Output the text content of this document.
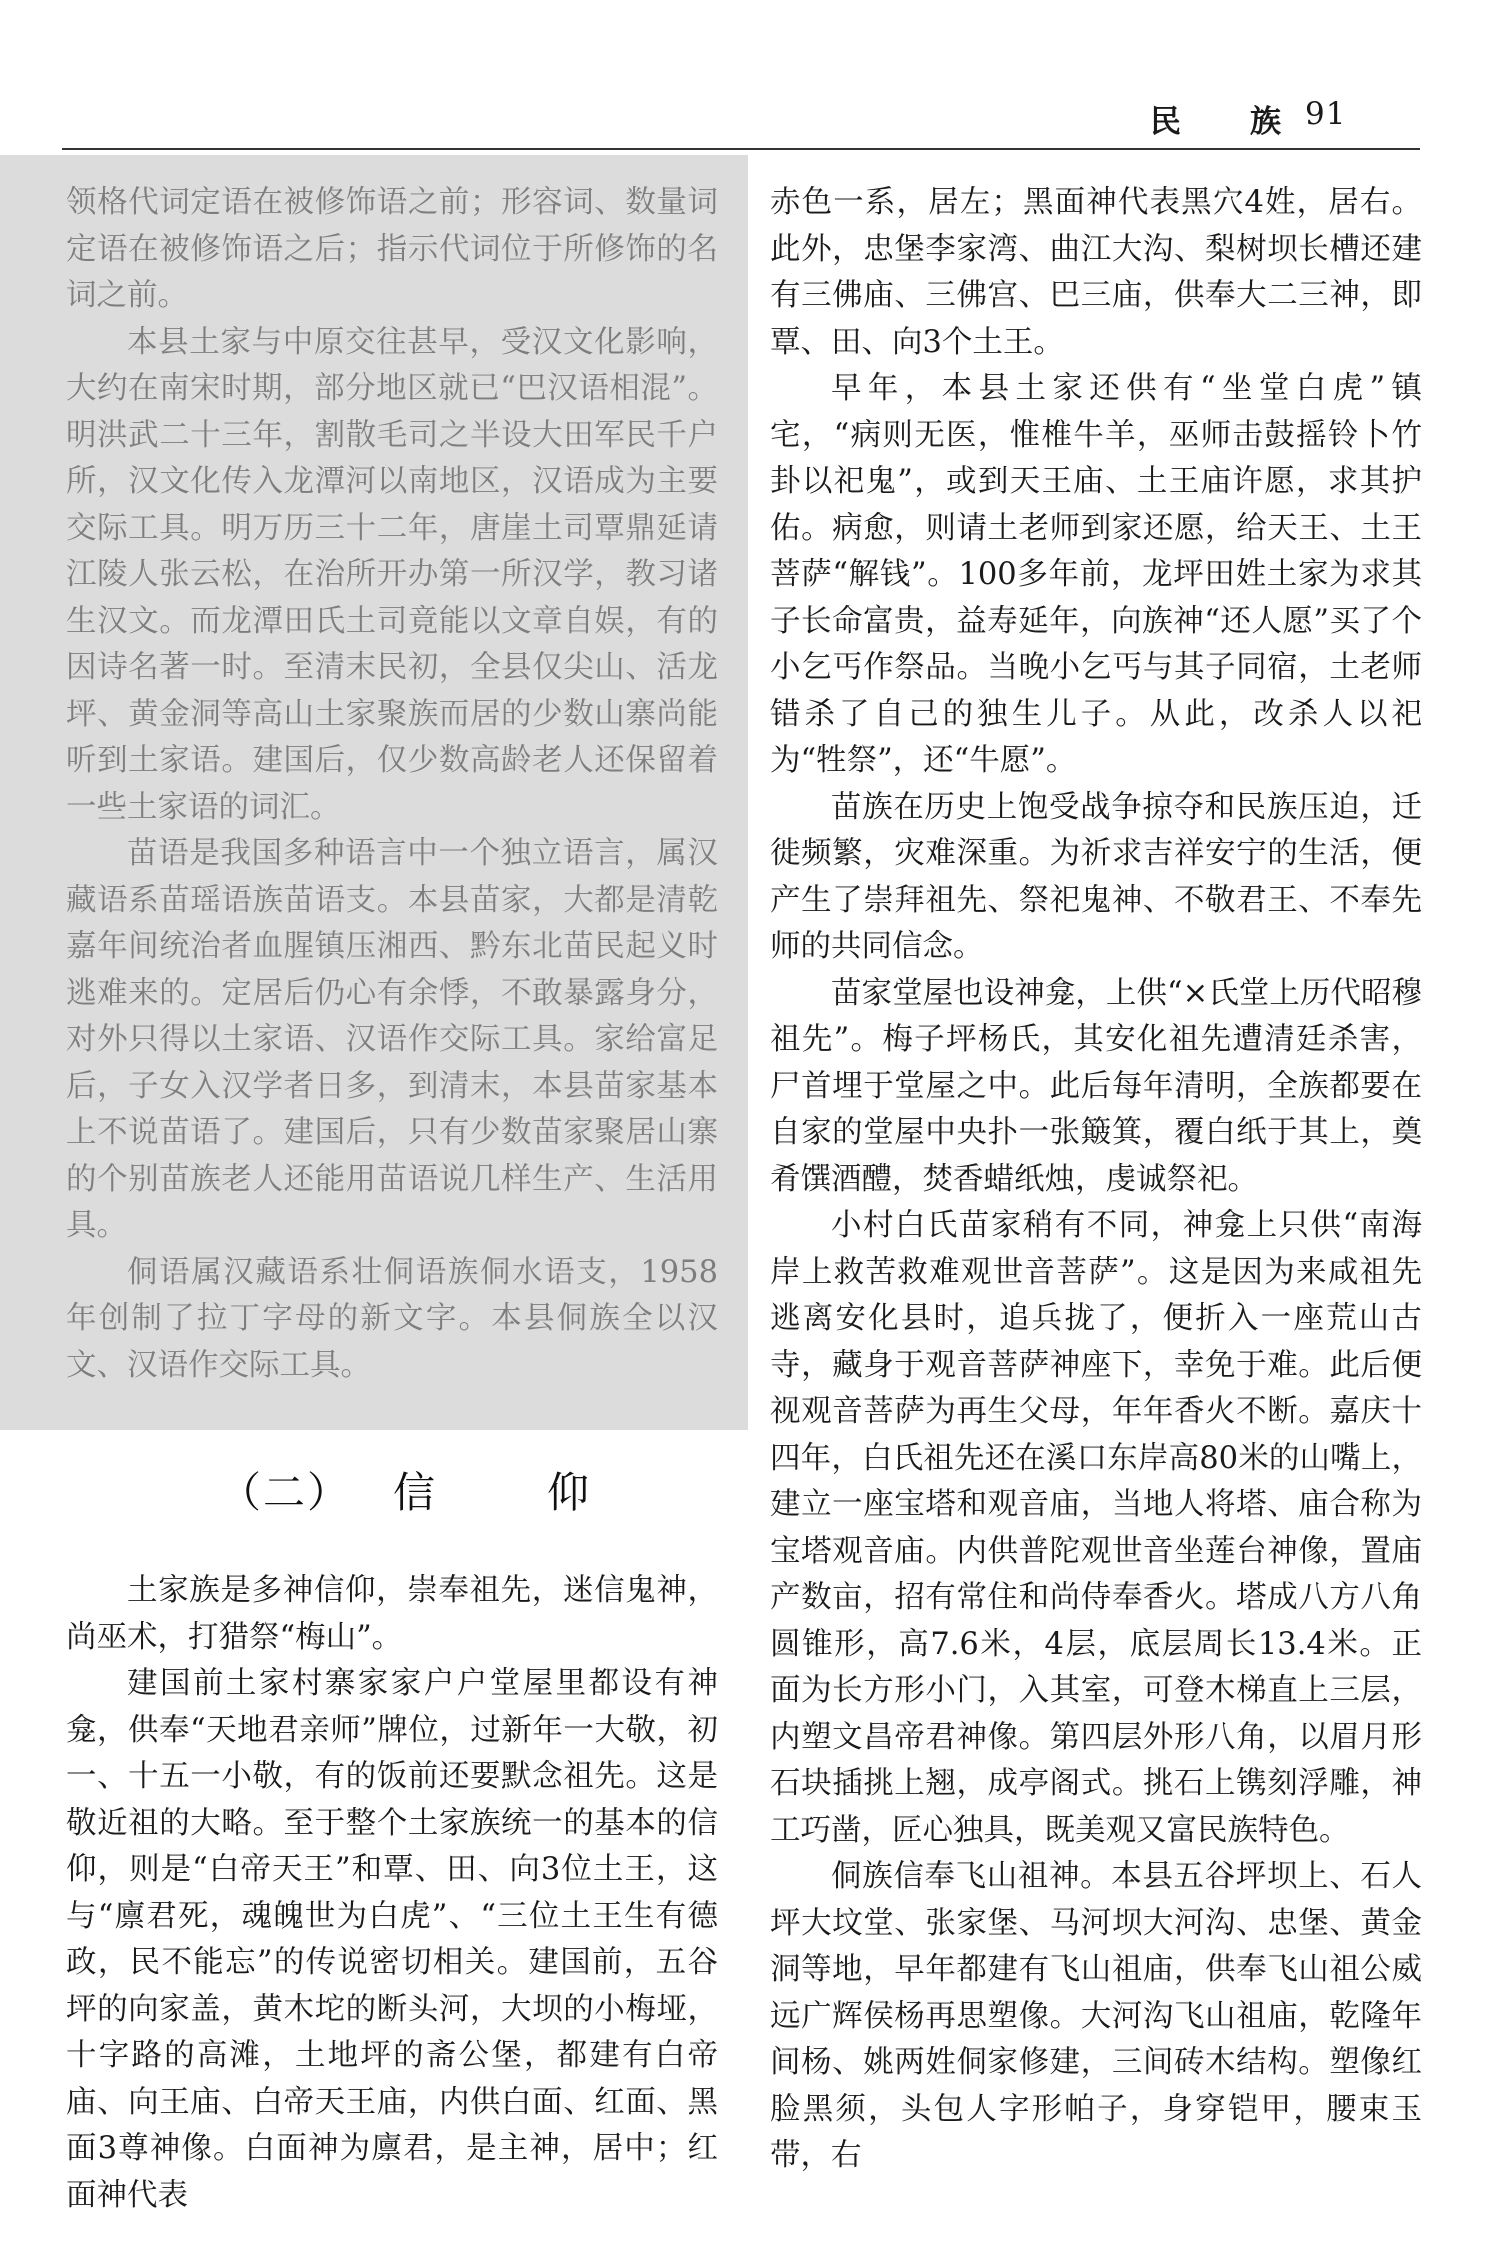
民 族 91

领格代词定语在被修饰语之前；形容词、数量词定语在被修饰语之后；指示代词位于所修饰的名词之前。

本县土家与中原交往甚早，受汉文化影响，大约在南宋时期，部分地区就已“巴汉语相混”。明洪武二十三年，割散毛司之半设大田军民千户所，汉文化传入龙潭河以南地区，汉语成为主要交际工具。明万历三十二年，唐崖土司覃鼎延请江陵人张云松，在治所开办第一所汉学，教习诸生汉文。而龙潭田氏土司竟能以文章自娱，有的因诗名著一时。至清末民初，全县仅尖山、活龙坪、黄金洞等高山土家聚族而居的少数山寨尚能听到土家语。建国后，仅少数高龄老人还保留着一些土家语的词汇。

苗语是我国多种语言中一个独立语言，属汉藏语系苗瑶语族苗语支。本县苗家，大都是清乾嘉年间统治者血腥镇压湘西、黔东北苗民起义时逃难来的。定居后仍心有余悸，不敢暴露身分，对外只得以土家语、汉语作交际工具。家给富足后，子女入汉学者日多，到清末，本县苗家基本上不说苗语了。建国后，只有少数苗家聚居山寨的个别苗族老人还能用苗语说几样生产、生活用具。

侗语属汉藏语系壮侗语族侗水语支，1958年创制了拉丁字母的新文字。本县侗族全以汉文、汉语作交际工具。

（二） 信	仰

土家族是多神信仰，崇奉祖先，迷信鬼神，尚巫术，打猎祭“梅山”。

建国前土家村寨家家户户堂屋里都设有神龛，供奉“天地君亲师”牌位，过新年一大敬，初一、十五一小敬，有的饭前还要默念祖先。这是敬近祖的大略。至于整个土家族统一的基本的信仰，则是“白帝天王”和覃、田、向3位土王，这与“廪君死，魂魄世为白虎”、“三位土王生有德政，民不能忘”的传说密切相关。建国前，五谷坪的向家盖，黄木坨的断头河，大坝的小梅垭，十字路的高滩，土地坪的斋公堡，都建有白帝庙、向王庙、白帝天王庙，内供白面、红面、黑面3尊神像。白面神为廪君，是主神，居中；红面神代表

赤色一系，居左；黑面神代表黑穴4姓，居右。此外，忠堡李家湾、曲江大沟、梨树坝长槽还建有三佛庙、三佛宫、巴三庙，供奉大二三神，即覃、田、向3个土王。

早年，本县土家还供有“坐堂白虎”镇宅，“病则无医，惟椎牛羊，巫师击鼓摇铃卜竹卦以祀鬼”，或到天王庙、土王庙许愿，求其护佑。病愈，则请土老师到家还愿，给天王、土王菩萨“解钱”。100多年前，龙坪田姓土家为求其子长命富贵，益寿延年，向族神“还人愿”买了个小乞丐作祭品。当晚小乞丐与其子同宿，土老师错杀了自己的独生儿子。从此，改杀人以祀为“牲祭”，还“牛愿”。

苗族在历史上饱受战争掠夺和民族压迫，迁徙频繁，灾难深重。为祈求吉祥安宁的生活，便产生了崇拜祖先、祭祀鬼神、不敬君王、不奉先师的共同信念。

苗家堂屋也设神龛，上供“×氏堂上历代昭穆祖先”。梅子坪杨氏，其安化祖先遭清廷杀害，尸首埋于堂屋之中。此后每年清明，全族都要在自家的堂屋中央扑一张簸箕，覆白纸于其上，奠肴馔酒醴，焚香蜡纸烛，虔诚祭祀。

小村白氏苗家稍有不同，神龛上只供“南海岸上救苦救难观世音菩萨”。这是因为来咸祖先逃离安化县时，追兵拢了，便折入一座荒山古寺，藏身于观音菩萨神座下，幸免于难。此后便视观音菩萨为再生父母，年年香火不断。嘉庆十四年，白氏祖先还在溪口东岸高80米的山嘴上，建立一座宝塔和观音庙，当地人将塔、庙合称为宝塔观音庙。内供普陀观世音坐莲台神像，置庙产数亩，招有常住和尚侍奉香火。塔成八方八角圆锥形，高7.6米，4层，底层周长13.4米。正面为长方形小门，入其室，可登木梯直上三层，内塑文昌帝君神像。第四层外形八角，以眉月形石块插挑上翘，成亭阁式。挑石上镌刻浮雕，神工巧凿，匠心独具，既美观又富民族特色。

侗族信奉飞山祖神。本县五谷坪坝上、石人坪大坟堂、张家堡、马河坝大河沟、忠堡、黄金洞等地，早年都建有飞山祖庙，供奉飞山祖公威远广辉侯杨再思塑像。大河沟飞山祖庙，乾隆年间杨、姚两姓侗家修建，三间砖木结构。塑像红脸黑须，头包人字形帕子，身穿铠甲，腰束玉带，右
